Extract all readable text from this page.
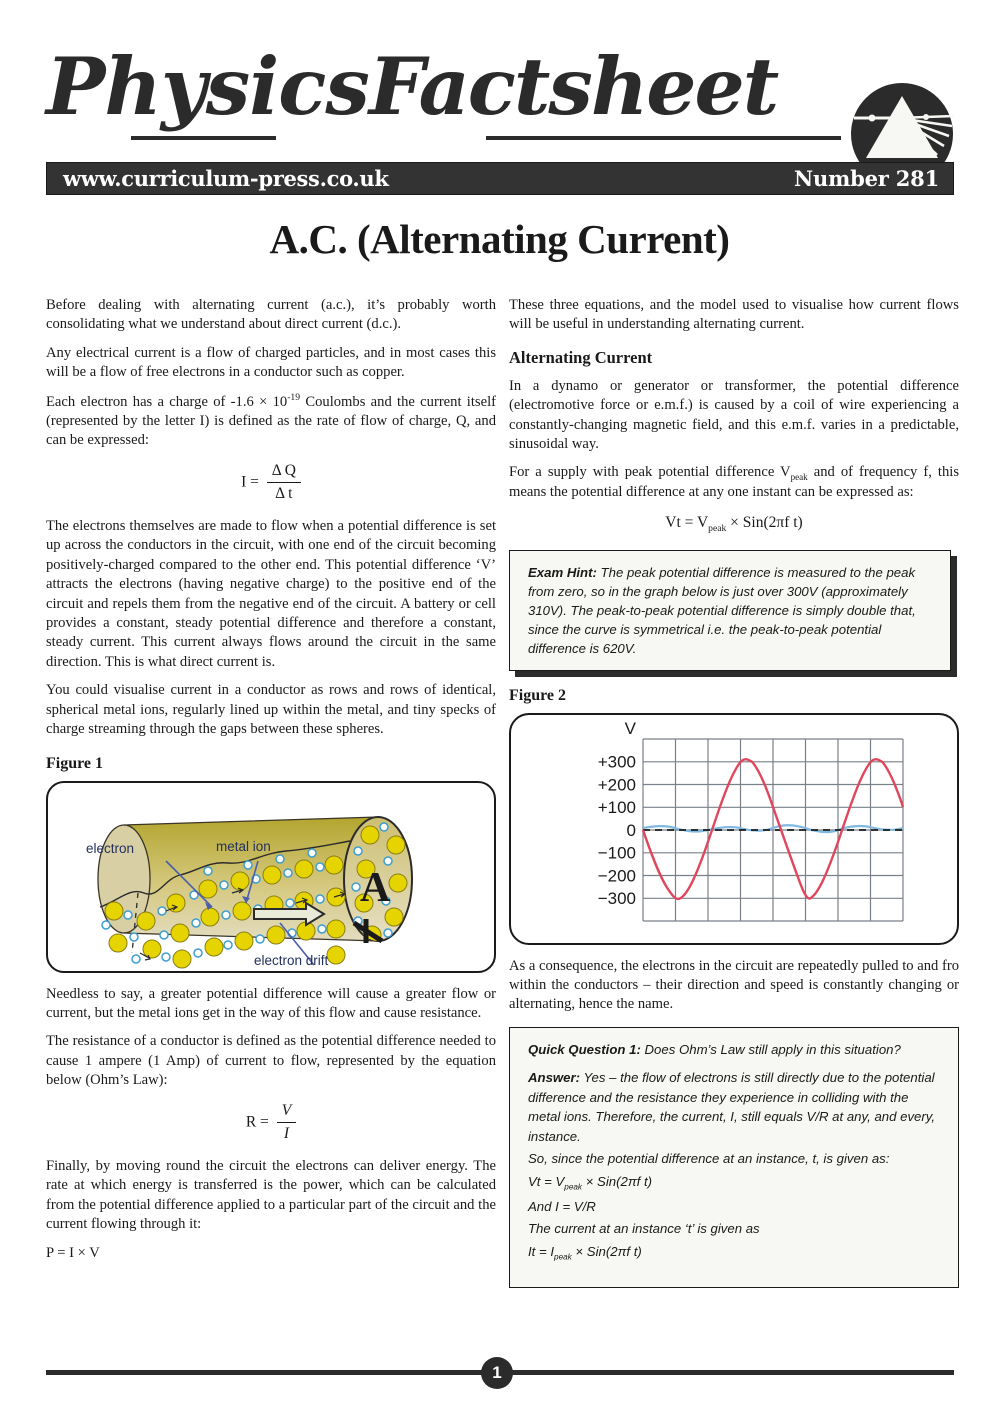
PhysicsFactsheet
www.curriculum-press.co.uk	Number 281
A.C. (Alternating Current)

Before dealing with alternating current (a.c.), it’s probably worth consolidating what we understand about direct current (d.c.).

Any electrical current is a flow of charged particles, and in most cases this will be a flow of free electrons in a conductor such as copper.

Each electron has a charge of $-1.6 \times 10^{-19}$ Coulombs and the current itself (represented by the letter I) is defined as the rate of flow of charge, Q, and can be expressed:

$I = \frac{\text{Δ Q}}{\text{Δ t}}$

The electrons themselves are made to flow when a potential difference is set up across the conductors in the circuit, with one end of the circuit becoming positively-charged compared to the other end. This potential difference ‘V’ attracts the electrons (having negative charge) to the positive end of the circuit and repels them from the negative end of the circuit. A battery or cell provides a constant, steady potential difference and therefore a constant, steady current. This current always flows around the circuit in the same direction. This is what direct current is.

You could visualise current in a conductor as rows and rows of identical, spherical metal ions, regularly lined up within the metal, and tiny specks of charge streaming through the gaps between these spheres.

Figure 1
A
electron	metal ion
electron drift

Needless to say, a greater potential difference will cause a greater flow or current, but the metal ions get in the way of this flow and cause resistance.

The resistance of a conductor is defined as the potential difference needed to cause 1 ampere (1 Amp) of current to flow, represented by the equation below (Ohm’s Law):

$R = \frac{V}{I}$

Finally, by moving round the circuit the electrons can deliver energy. The rate at which energy is transferred is the power, which can be calculated from the potential difference applied to a particular part of the circuit and the current flowing through it:

P = I × V

These three equations, and the model used to visualise how current flows will be useful in understanding alternating current.

Alternating Current

In a dynamo or generator or transformer, the potential difference (electromotive force or e.m.f.) is caused by a coil of wire experiencing a constantly-changing magnetic field, and this e.m.f. varies in a predictable, sinusoidal way.

For a supply with peak potential difference $V_{peak}$ and of frequency f, this means the potential difference at any one instant can be expressed as:

$Vt = V_{peak} \times Sin(2\pi f$ t)
Exam Hint: The peak potential difference is measured to the peak from zero, so in the graph below is just over 300V (approximately 310V). The peak-to-peak potential difference is simply double that, since the curve is symmetrical i.e. the peak-to-peak potential difference is 620V.
Figure 2
V
+300
+200
+100
0
−100
−200
−300

As a consequence, the electrons in the circuit are repeatedly pulled to and fro within the conductors – their direction and speed is constantly changing or alternating, hence the name.

Quick Question 1: Does Ohm’s Law still apply in this situation?

Answer: Yes – the flow of electrons is still directly due to the potential difference and the resistance they experience in colliding with the metal ions. Therefore, the current, I, still equals V/R at any, and every, instance.

So, since the potential difference at an instance, t, is given as:

$Vt = V_{peak} \times Sin(2\pi f$ t)

And I = V/R

The current at an instance ‘t’ is given as

$It = I_{peak} \times Sin(2\pi f$ t)

1
